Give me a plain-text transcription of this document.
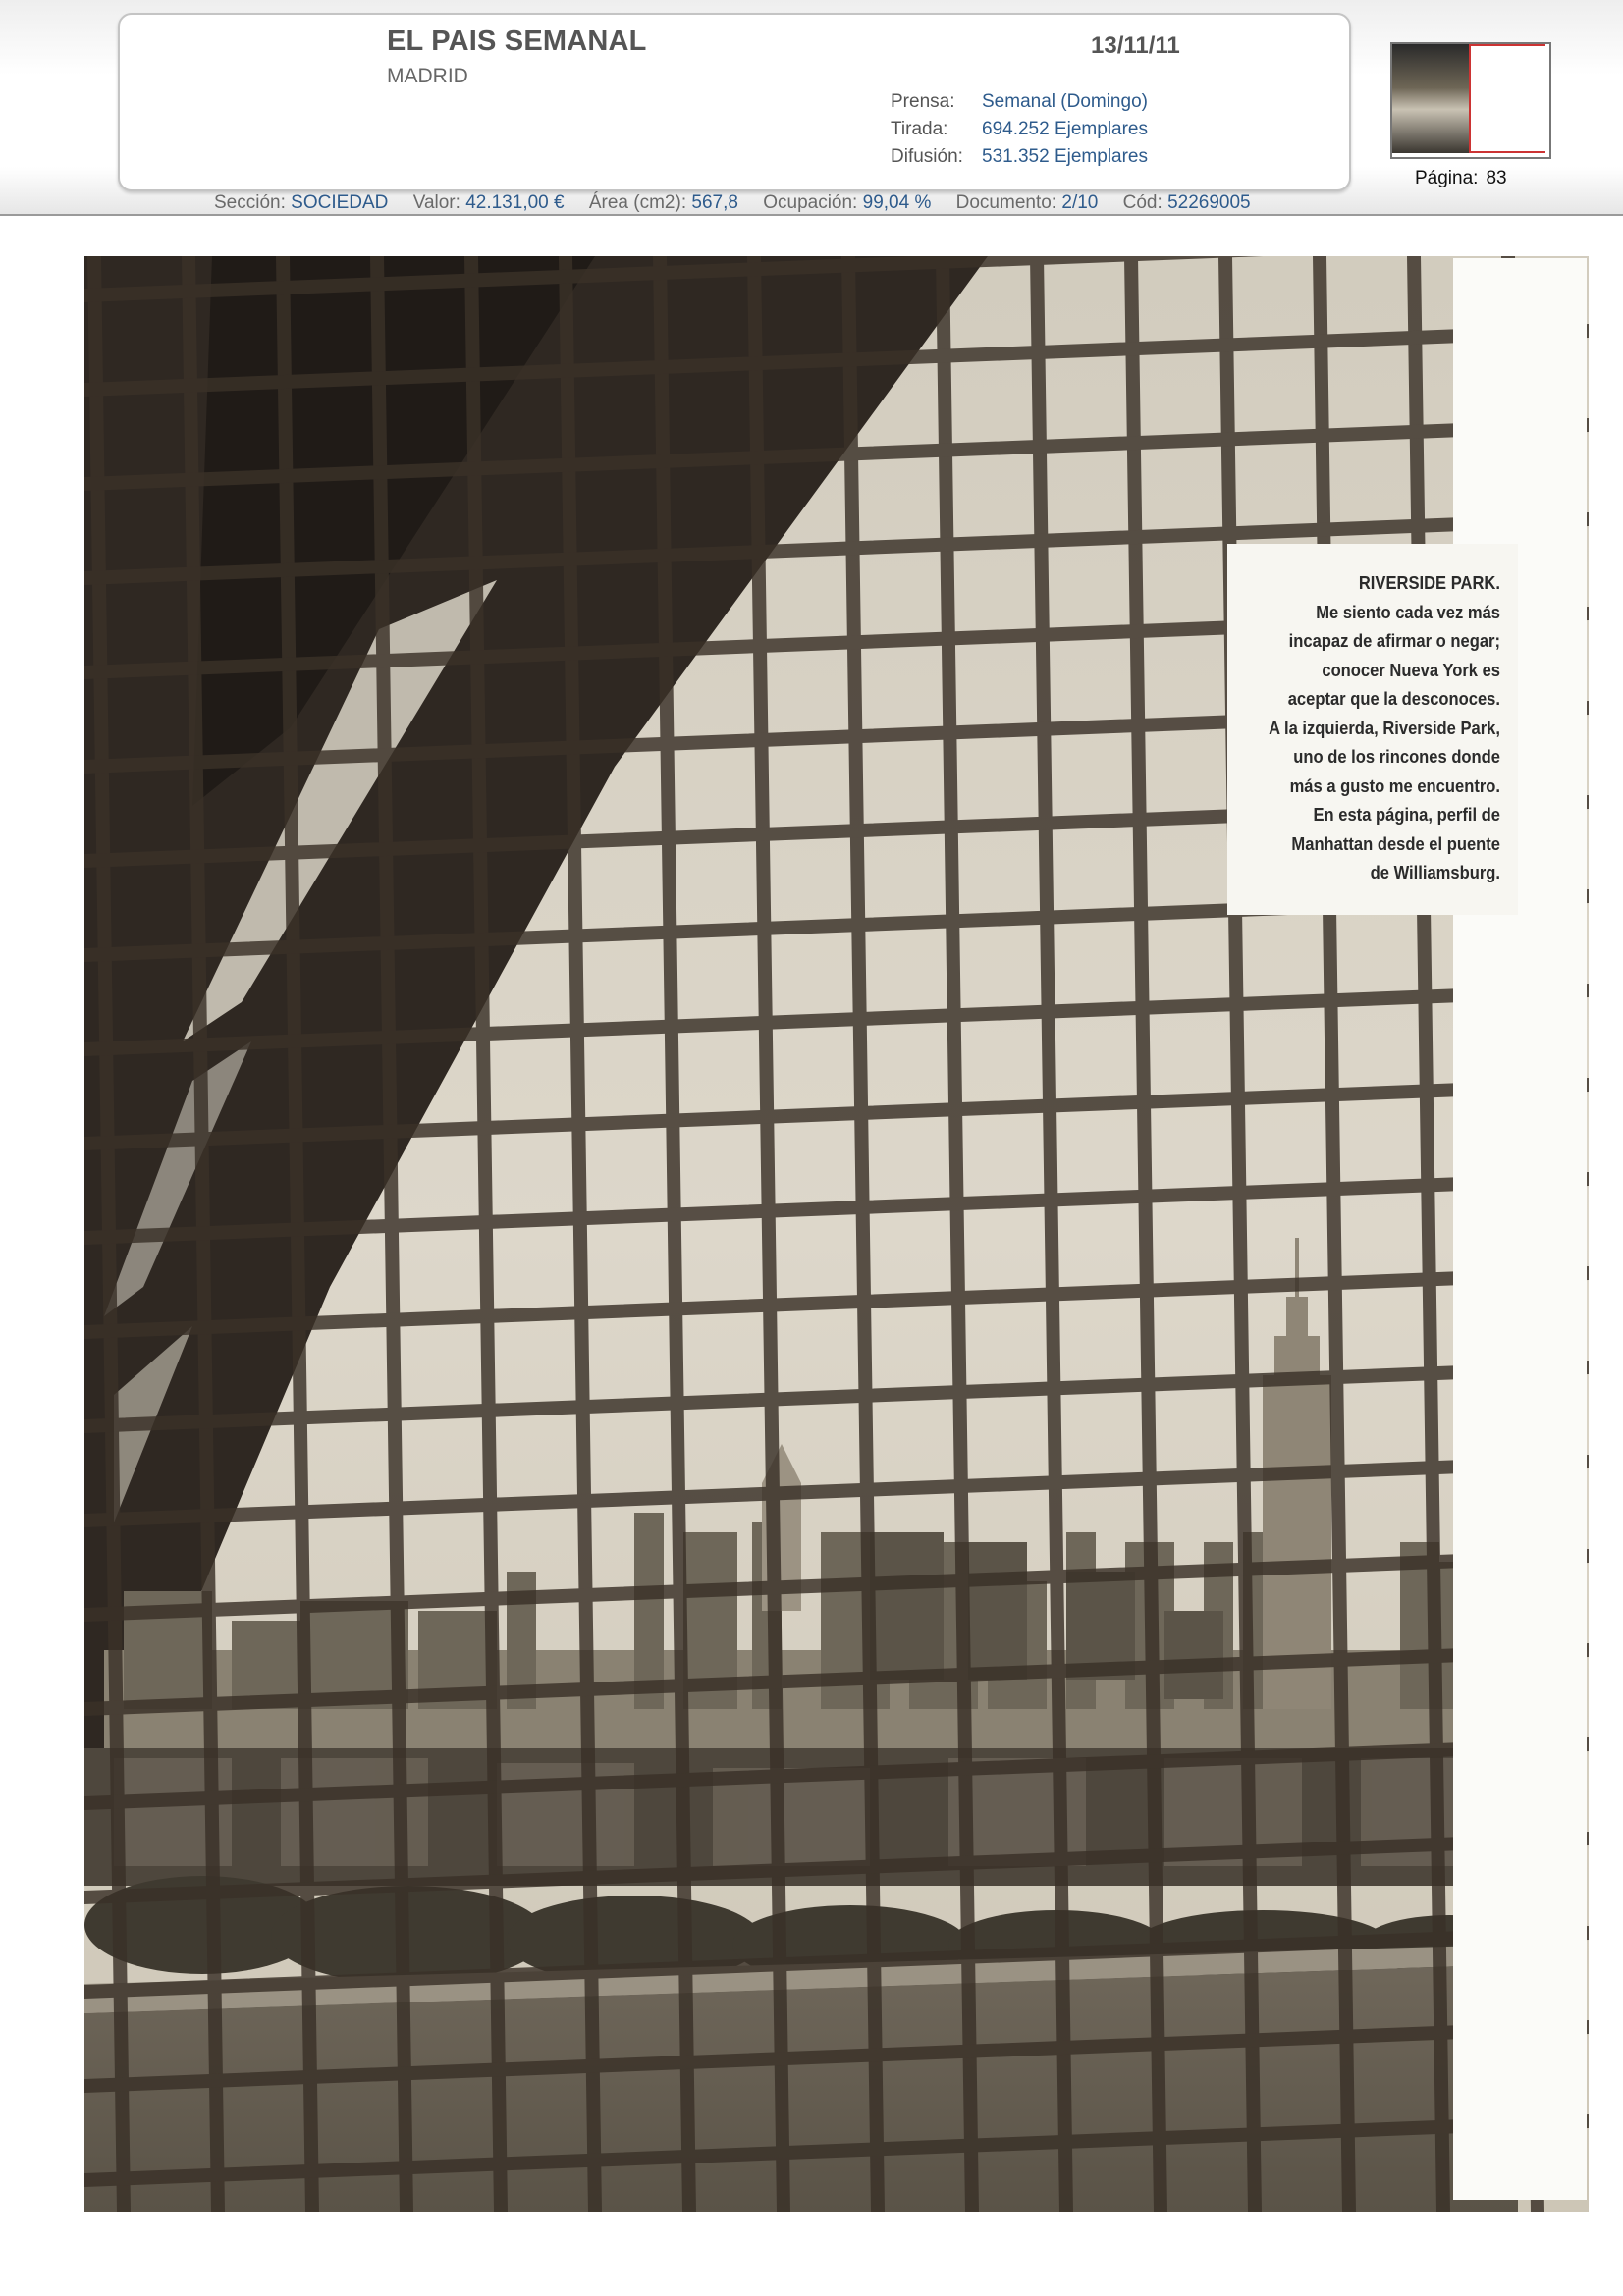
EL PAIS SEMANAL
MADRID
13/11/11
Prensa: Semanal (Domingo)
Tirada: 694.252 Ejemplares
Difusión: 531.352 Ejemplares
Sección: SOCIEDAD Valor: 42.131,00 € Área (cm2): 567,8 Ocupación: 99,04 % Documento: 2/10 Cód: 52269005
Página: 83
RIVERSIDE PARK.
Me siento cada vez más
incapaz de afirmar o negar;
conocer Nueva York es
aceptar que la desconoces.
A la izquierda, Riverside Park,
uno de los rincones donde
más a gusto me encuentro.
En esta página, perfil de
Manhattan desde el puente
de Williamsburg.
